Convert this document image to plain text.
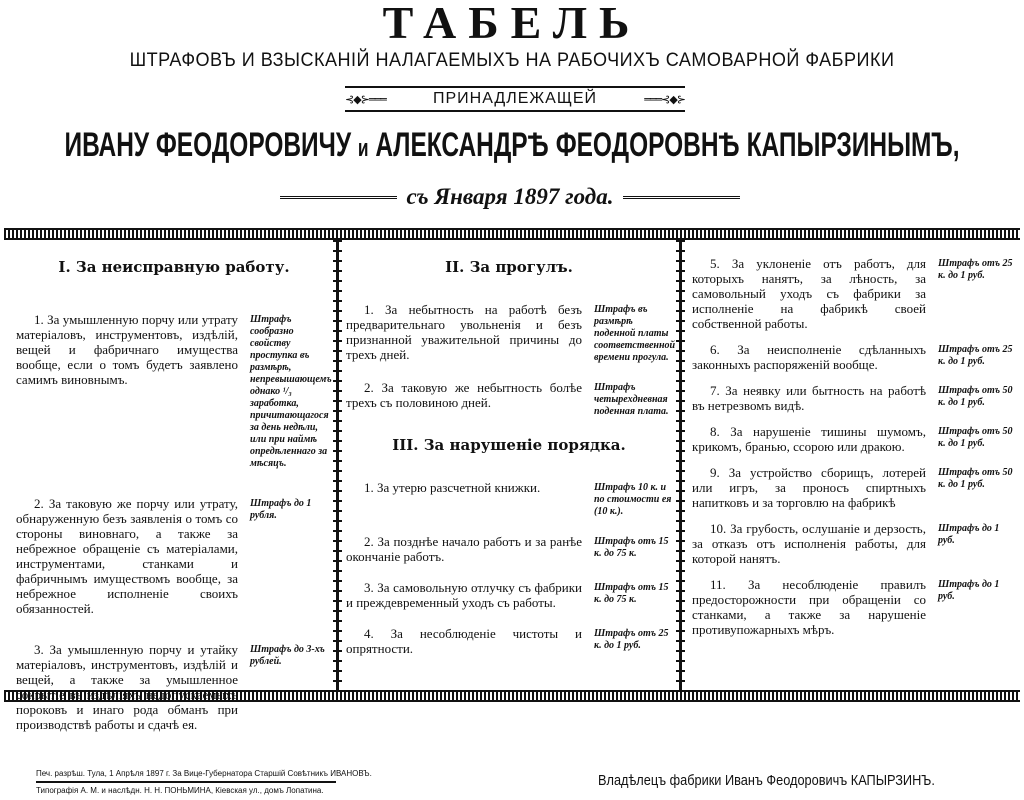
ТАБЕЛЬ
ШТРАФОВЪ И ВЗЫСКАНІЙ НАЛАГАЕМЫХЪ НА РАБОЧИХЪ САМОВАРНОЙ ФАБРИКИ
⊰◆⊱═══	ПРИНАДЛЕЖАЩЕЙ	═══⊰◆⊱
ИВАНУ ФЕОДОРОВИЧУ и АЛЕКСАНДРѢ ФЕОДОРОВНѢ КАПЫРЗИНЫМЪ,
съ Января 1897 года.
I. За неисправную работу.
1. За умышленную порчу или утрату матеріаловъ, инструментовъ, издѣлій, вещей и фабричнаго имущества вообще, если о томъ будетъ заявлено самимъ виновнымъ.
Штрафъ сообразно свойству проступка въ размѣрѣ, непревышающемъ однако ¹/₃ заработка, причитающагося за день недѣли, или при наймѣ опредѣленнаго за мѣсяцъ.
2. За таковую же порчу или утрату, обнаруженную безъ заявленія о томъ со стороны виновнаго, а также за небрежное обращеніе съ матеріалами, инструментами, станками и фабричнымъ имуществомъ вообще, за небрежное исполненіе своихъ обязанностей.
Штрафъ до 1 рубля.
3. За умышленную порчу и утайку матеріаловъ, инструментовъ, издѣлій и вещей, а также за умышленное сокрытіе въ издѣліяхъ недопускаемыхъ пороковъ и инаго рода обманъ при производствѣ работы и сдачѣ ея.
Штрафъ до 3-хъ рублей.
II. За прогулъ.
1. За небытность на работѣ безъ предварительнаго увольненія и безъ признанной уважительной причины до трехъ дней.
Штрафъ въ размѣрѣ поденной платы соответственной времени прогула.
2. За таковую же небытность болѣе трехъ съ половиною дней.
Штрафъ четырехдневная поденная плата.
III. За нарушеніе порядка.
1. За утерю разсчетной книжки.	Штрафъ 10 к. и по стоимости ея (10 к.).
2. За позднѣе начало работъ и за ранѣе окончаніе работъ.
Штрафъ отъ 15 к. до 75 к.
3. За самовольную отлучку съ фабрики и преждевременный уходъ съ работы.
Штрафъ отъ 15 к. до 75 к.
4. За несоблюденіе чистоты и опрятности.
Штрафъ отъ 25 к. до 1 руб.
5. За уклоненіе отъ работъ, для которыхъ нанятъ, за лѣность, за самовольный уходъ съ фабрики за исполненіе на фабрикѣ своей собственной работы.
Штрафъ отъ 25 к. до 1 руб.
6. За неисполненіе сдѣланныхъ законныхъ распоряженій вообще.
Штрафъ отъ 25 к. до 1 руб.
7. За неявку или бытность на работѣ въ нетрезвомъ видѣ.
Штрафъ отъ 50 к. до 1 руб.
8. За нарушеніе тишины шумомъ, крикомъ, бранью, ссорою или дракою.
Штрафъ отъ 50 к. до 1 руб.
9. За устройство сборищъ, лотерей или игръ, за проносъ спиртныхъ напитковъ и за торговлю на фабрикѣ
Штрафъ отъ 50 к. до 1 руб.
10. За грубость, ослушаніе и дерзость, за отказъ отъ исполненія работы, для которой нанятъ.
Штрафъ до 1 руб.
11. За несоблюденіе правилъ предосторожности при обращеніи со станками, а также за нарушеніе противупожарныхъ мѣръ.
Штрафъ до 1 руб.
Печ. разрѣш. Тула, 1 Апрѣля 1897 г. За Вице-Губернатора Старшій Совѣтникъ ИВАНОВЪ.
Типографія А. М. и наслѣдн. Н. Н. ПОНЬМИНА, Кіевская ул., домъ Лопатина.
Владѣлецъ фабрики Иванъ Феодоровичъ КАПЫРЗИНЪ.
